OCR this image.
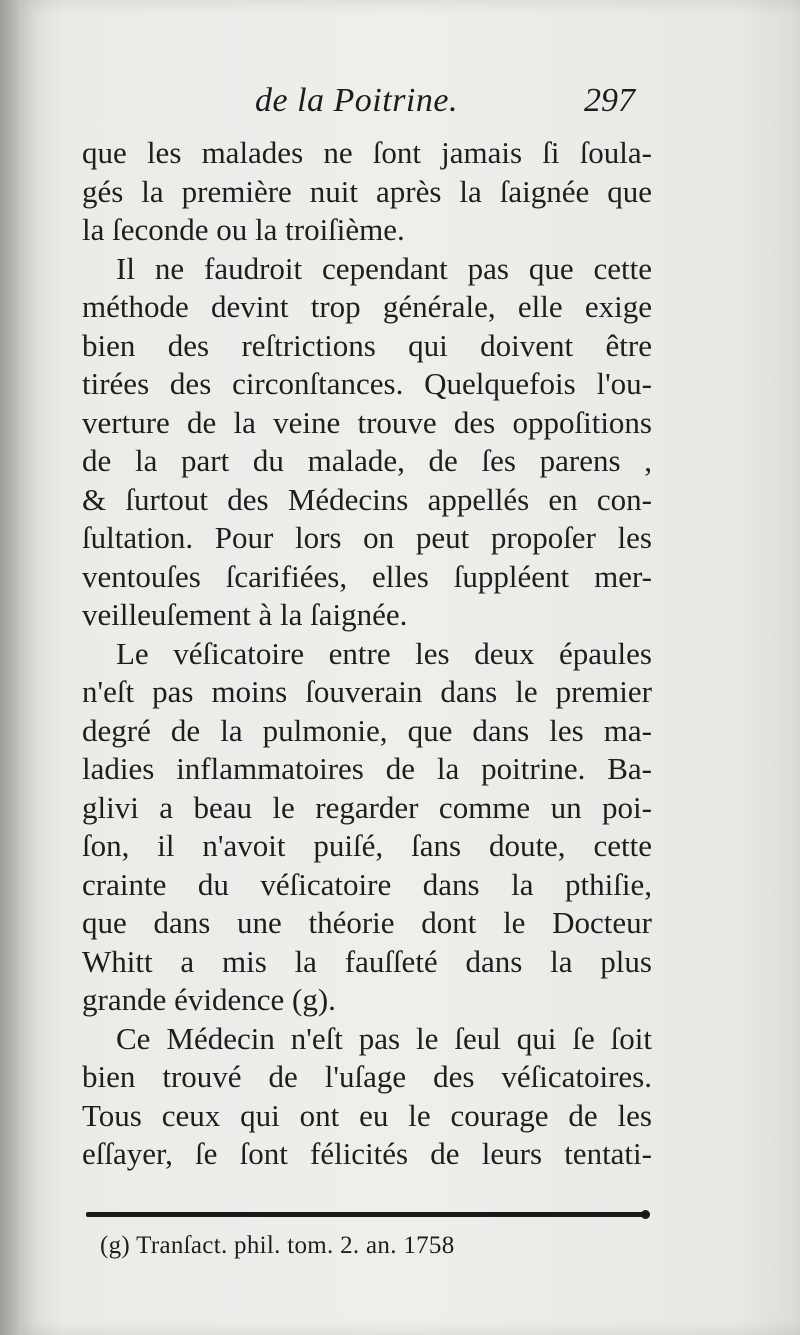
de la Poitrine.	297
que les malades ne ſont jamais ſi ſoula-
gés la première nuit après la ſaignée que
la ſeconde ou la troiſième.
Il ne faudroit cependant pas que cette
méthode devint trop générale, elle exige
bien des reſtrictions qui doivent être
tirées des circonſtances. Quelquefois l'ou-
verture de la veine trouve des oppoſitions
de la part du malade, de ſes parens ,
& ſurtout des Médecins appellés en con-
ſultation. Pour lors on peut propoſer les
ventouſes ſcarifiées, elles ſuppléent mer-
veilleuſement à la ſaignée.
Le véſicatoire entre les deux épaules
n'eſt pas moins ſouverain dans le premier
degré de la pulmonie, que dans les ma-
ladies inflammatoires de la poitrine. Ba-
glivi a beau le regarder comme un poi-
ſon, il n'avoit puiſé, ſans doute, cette
crainte du véſicatoire dans la pthiſie,
que dans une théorie dont le Docteur
Whitt a mis la fauſſeté dans la plus
grande évidence (g).
Ce Médecin n'eſt pas le ſeul qui ſe ſoit
bien trouvé de l'uſage des véſicatoires.
Tous ceux qui ont eu le courage de les
eſſayer, ſe ſont félicités de leurs tentati-
(g) Tranſact. phil. tom. 2. an. 1758
